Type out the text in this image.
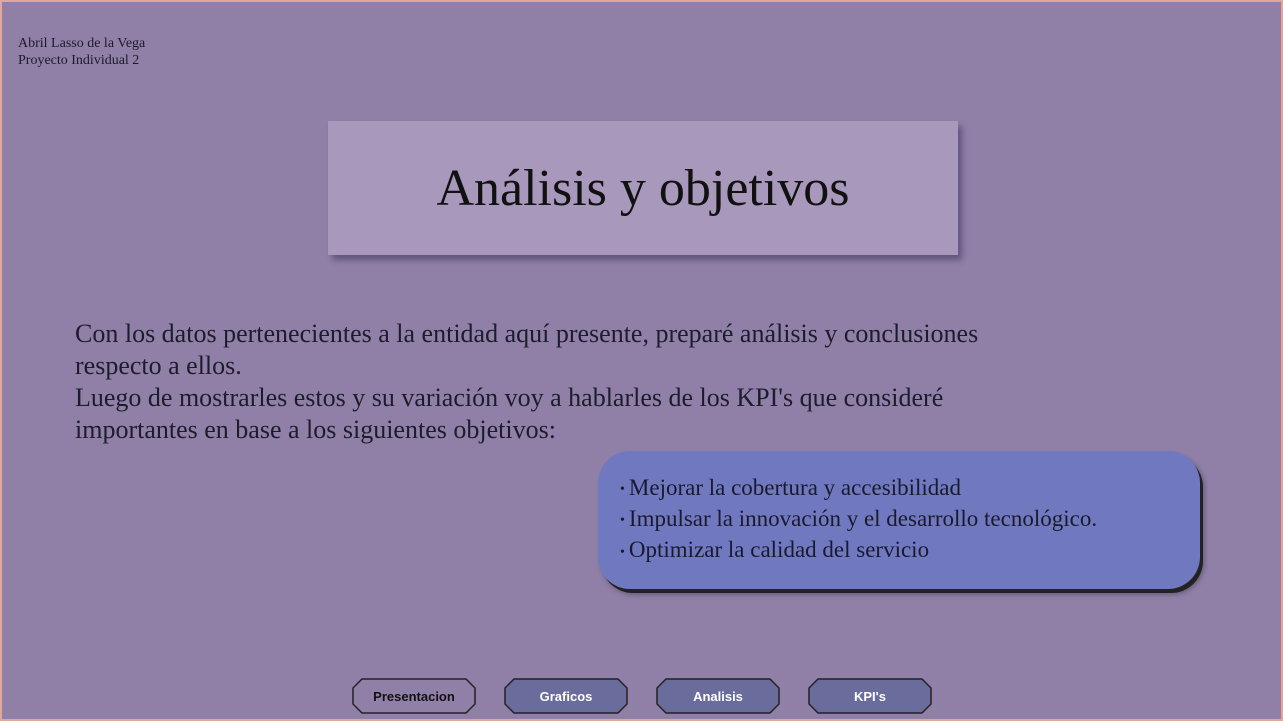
Abril Lasso de la Vega
Proyecto Individual 2
Análisis y objetivos

Con los datos pertenecientes a la entidad aquí presente, preparé análisis y conclusiones respecto a ellos.

Luego de mostrarles estos y su variación voy a hablarles de los KPI's que consideré importantes en base a los siguientes objetivos:

• Mejorar la cobertura y accesibilidad
• Impulsar la innovación y el desarrollo tecnológico.
• Optimizar la calidad del servicio
Presentacion	Graficos	Analisis	KPI's
